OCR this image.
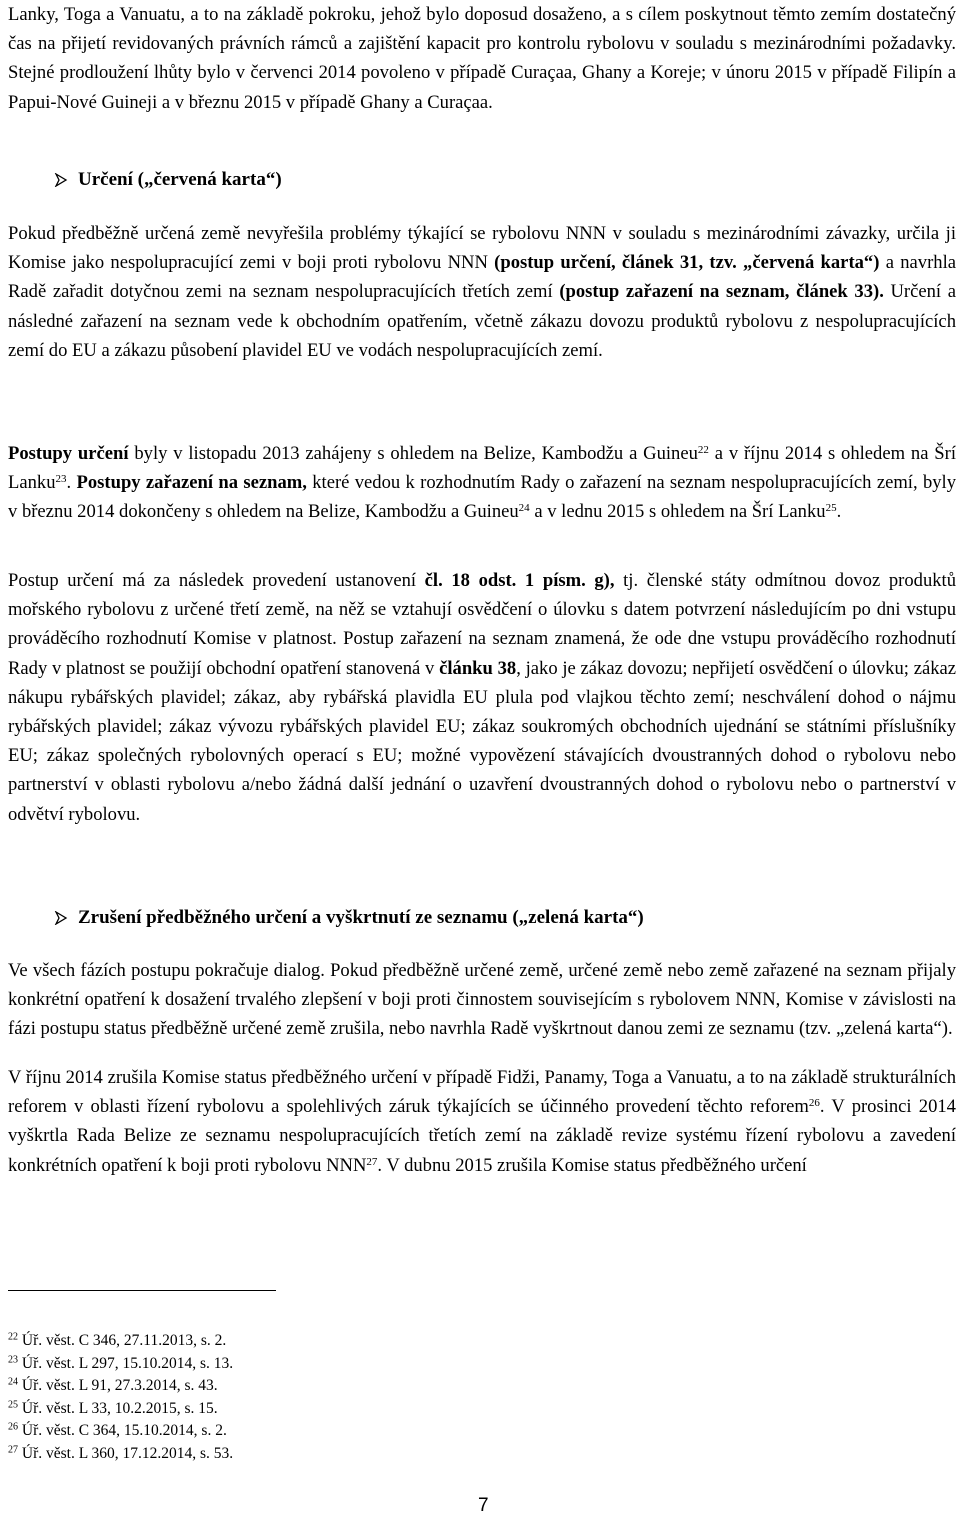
Lanky, Toga a Vanuatu, a to na základě pokroku, jehož bylo doposud dosaženo, a s cílem poskytnout těmto zemím dostatečný čas na přijetí revidovaných právních rámců a zajištění kapacit pro kontrolu rybolovu v souladu s mezinárodními požadavky. Stejné prodloužení lhůty bylo v červenci 2014 povoleno v případě Curaçaa, Ghany a Koreje; v únoru 2015 v případě Filipín a Papui-Nové Guineji a v březnu 2015 v případě Ghany a Curaçaa.

Určení („červená karta“)

Pokud předběžně určená země nevyřešila problémy týkající se rybolovu NNN v souladu s mezinárodními závazky, určila ji Komise jako nespolupracující zemi v boji proti rybolovu NNN (postup určení, článek 31, tzv. „červená karta“) a navrhla Radě zařadit dotyčnou zemi na seznam nespolupracujících třetích zemí (postup zařazení na seznam, článek 33). Určení a následné zařazení na seznam vede k obchodním opatřením, včetně zákazu dovozu produktů rybolovu z nespolupracujících zemí do EU a zákazu působení plavidel EU ve vodách nespolupracujících zemí.

Postupy určení byly v listopadu 2013 zahájeny s ohledem na Belize, Kambodžu a Guineu$^{22}$ a v říjnu 2014 s ohledem na Šrí Lanku$^{23}$. Postupy zařazení na seznam, které vedou k rozhodnutím Rady o zařazení na seznam nespolupracujících zemí, byly v březnu 2014 dokončeny s ohledem na Belize, Kambodžu a Guineu$^{24}$ a v lednu 2015 s ohledem na Šrí Lanku$^{25}$.

Postup určení má za následek provedení ustanovení čl. 18 odst. 1 písm. g), tj. členské státy odmítnou dovoz produktů mořského rybolovu z určené třetí země, na něž se vztahují osvědčení o úlovku s datem potvrzení následujícím po dni vstupu prováděcího rozhodnutí Komise v platnost. Postup zařazení na seznam znamená, že ode dne vstupu prováděcího rozhodnutí Rady v platnost se použijí obchodní opatření stanovená v článku 38, jako je zákaz dovozu; nepřijetí osvědčení o úlovku; zákaz nákupu rybářských plavidel; zákaz, aby rybářská plavidla EU plula pod vlajkou těchto zemí; neschválení dohod o nájmu rybářských plavidel; zákaz vývozu rybářských plavidel EU; zákaz soukromých obchodních ujednání se státními příslušníky EU; zákaz společných rybolovných operací s EU; možné vypovězení stávajících dvoustranných dohod o rybolovu nebo partnerství v oblasti rybolovu a/nebo žádná další jednání o uzavření dvoustranných dohod o rybolovu nebo o partnerství v odvětví rybolovu.

Zrušení předběžného určení a vyškrtnutí ze seznamu („zelená karta“)

Ve všech fázích postupu pokračuje dialog. Pokud předběžně určené země, určené země nebo země zařazené na seznam přijaly konkrétní opatření k dosažení trvalého zlepšení v boji proti činnostem souvisejícím s rybolovem NNN, Komise v závislosti na fázi postupu status předběžně určené země zrušila, nebo navrhla Radě vyškrtnout danou zemi ze seznamu (tzv. „zelená karta“).

V říjnu 2014 zrušila Komise status předběžného určení v případě Fidži, Panamy, Toga a Vanuatu, a to na základě strukturálních reforem v oblasti řízení rybolovu a spolehlivých záruk týkajících se účinného provedení těchto reforem$^{26}$. V prosinci 2014 vyškrtla Rada Belize ze seznamu nespolupracujících třetích zemí na základě revize systému řízení rybolovu a zavedení konkrétních opatření k boji proti rybolovu NNN$^{27}$. V dubnu 2015 zrušila Komise status předběžného určení

$^{22}$ Úř. věst. C 346, 27.11.2013, s. 2.
$^{23}$ Úř. věst. L 297, 15.10.2014, s. 13.
$^{24}$ Úř. věst. L 91, 27.3.2014, s. 43.
$^{25}$ Úř. věst. L 33, 10.2.2015, s. 15.
$^{26}$ Úř. věst. C 364, 15.10.2014, s. 2.
$^{27}$ Úř. věst. L 360, 17.12.2014, s. 53.
7
